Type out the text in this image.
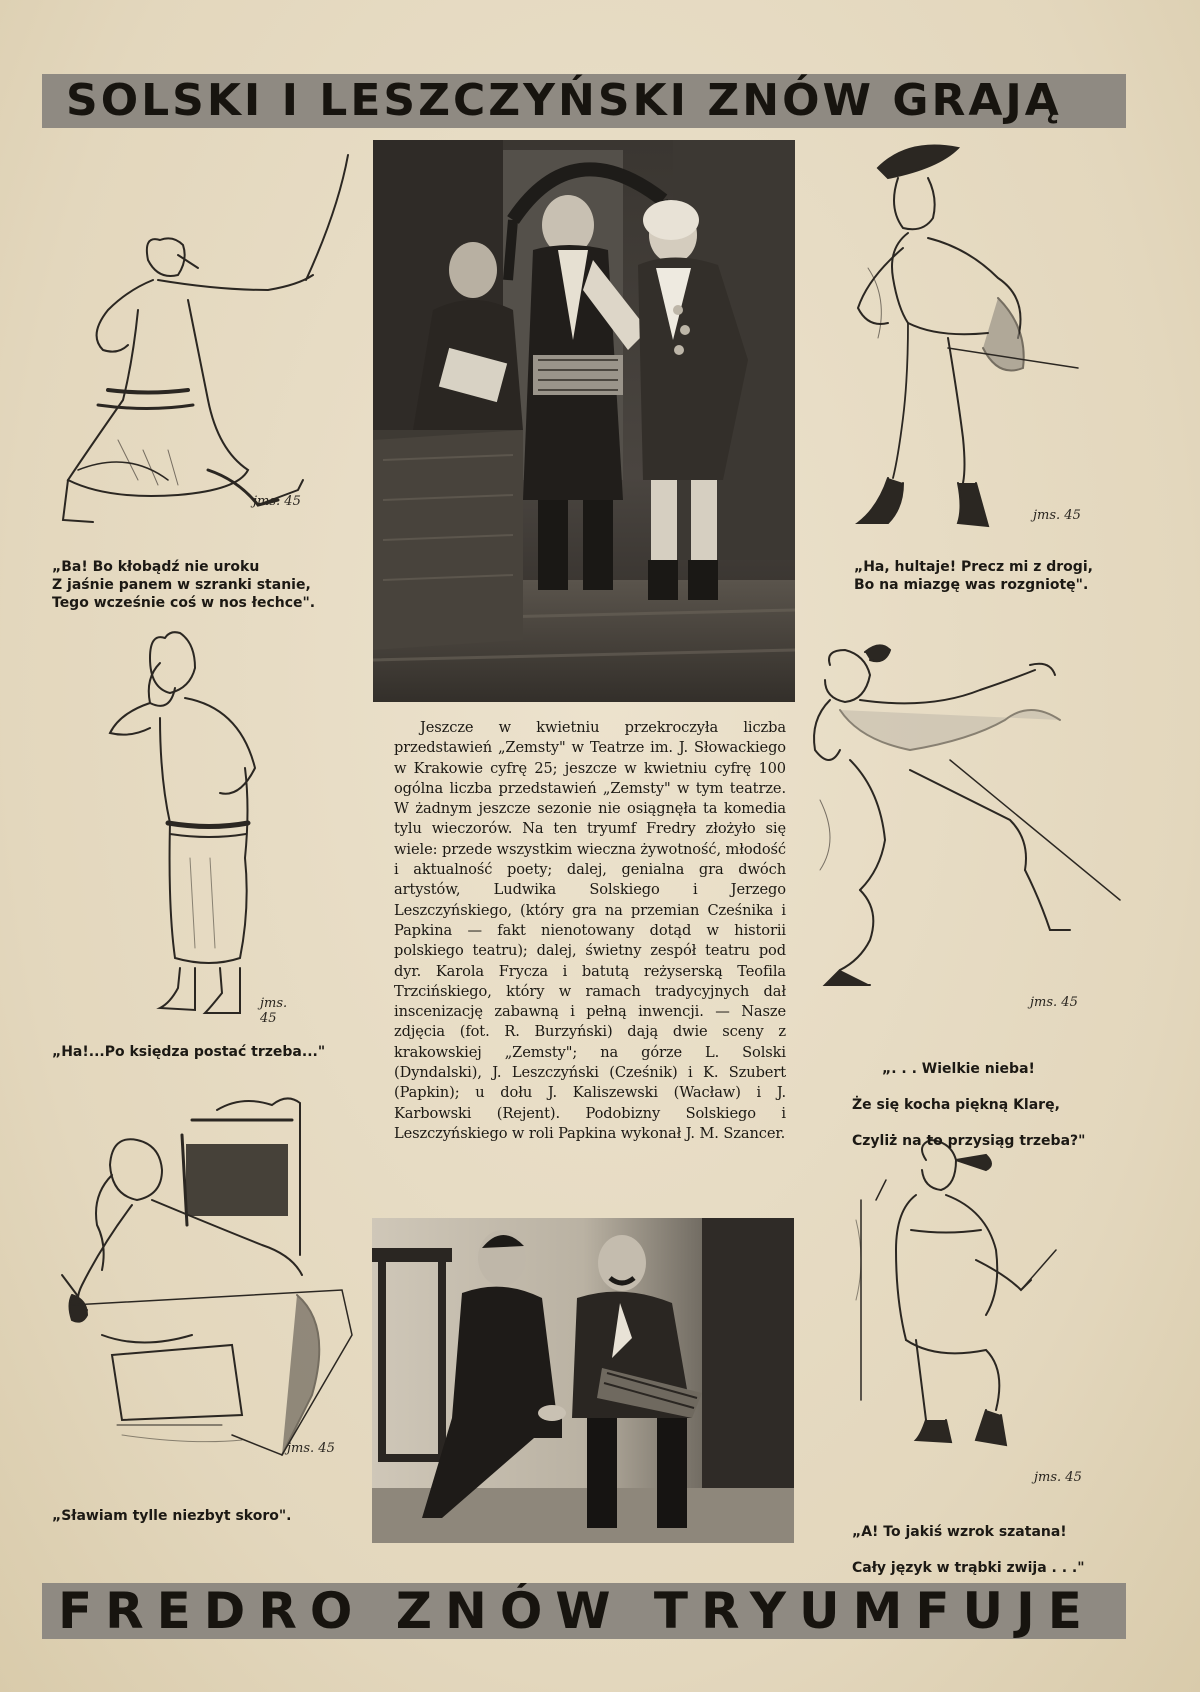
SOLSKI I LESZCZYŃSKI ZNÓW GRAJĄ
jms. 45
jms. 45
jms. 45
jms. 45
jms. 45
jms. 45
„Ba! Bo kłobądź nie uroku
Z jaśnie panem w szranki stanie,
Tego wcześnie coś w nos łechce".
„Ha, hultaje! Precz mi z drogi,
Bo na miazgę was rozgniotę".
„Ha!...Po księdza postać trzeba..."

„. . . Wielkie nieba!

Że się kocha piękną Klarę,

Czyliż na to przysiąg trzeba?"

„Sławiam tylle niezbyt skoro".

„A! To jakiś wzrok szatana!

Cały język w trąbki zwija . . ."

Jeszcze w kwietniu przekroczyła liczba przedstawień „Zemsty" w Teatrze im. J. Słowackiego w Krakowie cyfrę 25; jeszcze w kwietniu cyfrę 100 ogólna liczba przedstawień „Zemsty" w tym teatrze. W żadnym jeszcze sezonie nie osiągnęła ta komedia tylu wieczorów. Na ten tryumf Fredry złożyło się wiele: przede wszystkim wieczna żywotność, młodość i aktualność poety; dalej, genialna gra dwóch artystów, Ludwika Solskiego i Jerzego Leszczyńskiego, (który gra na przemian Cześnika i Papkina — fakt nienotowany dotąd w historii polskiego teatru); dalej, świetny zespół teatru pod dyr. Karola Frycza i batutą reżyserską Teofila Trzcińskiego, który w ramach tradycyjnych dał inscenizację zabawną i pełną inwencji. — Nasze zdjęcia (fot. R. Burzyński) dają dwie sceny z krakowskiej „Zemsty"; na górze L. Solski (Dyndalski), J. Leszczyński (Cześnik) i K. Szubert (Papkin); u dołu J. Kaliszewski (Wacław) i J. Karbowski (Rejent). Podobizny Solskiego i Leszczyńskiego w roli Papkina wykonał J. M. Szancer.

FREDRO ZNÓW TRYUMFUJE
